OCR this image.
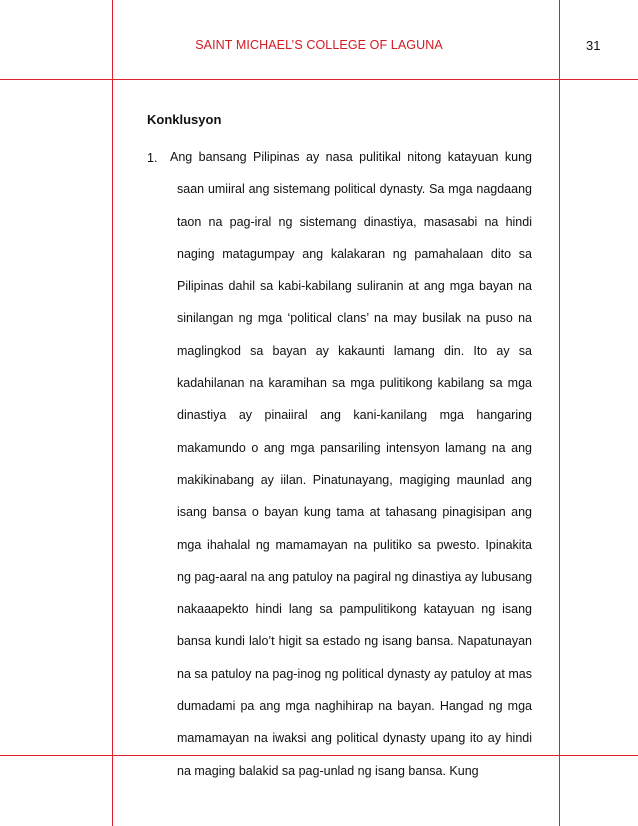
SAINT MICHAEL’S COLLEGE OF LAGUNA	31
Konklusyon
1. Ang bansang Pilipinas ay nasa pulitikal nitong katayuan kung
saan umiiral ang sistemang political dynasty. Sa mga nagdaang
taon na pag-iral ng sistemang dinastiya, masasabi na hindi
naging matagumpay ang kalakaran ng pamahalaan dito sa
Pilipinas dahil sa kabi-kabilang suliranin at ang mga bayan na
sinilangan ng mga ‘political clans’ na may busilak na puso na
maglingkod sa bayan ay kakaunti lamang din. Ito ay sa
kadahilanan na karamihan sa mga pulitikong kabilang sa mga
dinastiya ay pinaiiral ang kani-kanilang mga hangaring
makamundo o ang mga pansariling intensyon lamang na ang
makikinabang ay iilan. Pinatunayang, magiging maunlad ang
isang bansa o bayan kung tama at tahasang pinagisipan ang
mga ihahalal ng mamamayan na pulitiko sa pwesto. Ipinakita
ng pag-aaral na ang patuloy na pagiral ng dinastiya ay lubusang
nakaaapekto hindi lang sa pampulitikong katayuan ng isang
bansa kundi lalo’t higit sa estado ng isang bansa. Napatunayan
na sa patuloy na pag-inog ng political dynasty ay patuloy at mas
dumadami pa ang mga naghihirap na bayan. Hangad ng mga
mamamayan na iwaksi ang political dynasty upang ito ay hindi
na maging balakid sa pag-unlad ng isang bansa. Kung
